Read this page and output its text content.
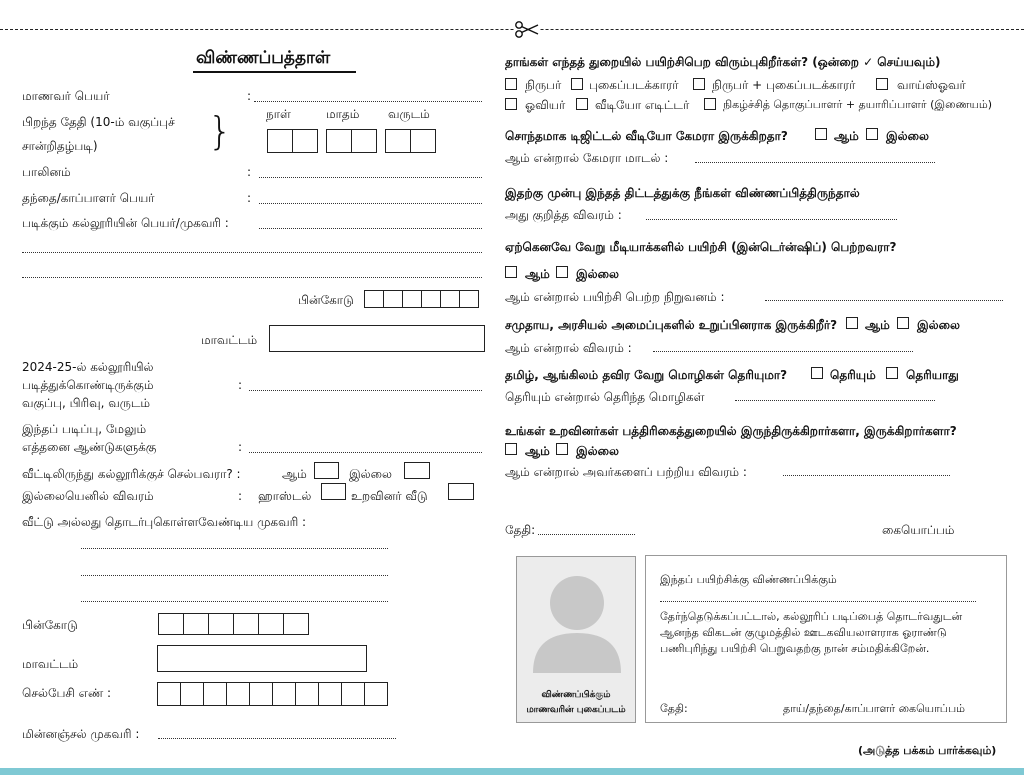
விண்ணப்பத்தாள்
மாணவர் பெயர்	:
பிறந்த தேதி (10-ம் வகுப்புச்
சான்றிதழ்படி)	}	நாள்	மாதம் வருடம்
பாலினம்	:
தந்தை/காப்பாளர் பெயர்	:
படிக்கும் கல்லூரியின் பெயர்/முகவரி :
பின்கோடு
மாவட்டம்
2024-25-ல் கல்லூரியில்
படித்துக்கொண்டிருக்கும்
வகுப்பு, பிரிவு, வருடம்
:
இந்தப் படிப்பு, மேலும்
எத்தனை ஆண்டுகளுக்கு	:
வீட்டிலிருந்து கல்லூரிக்குச் செல்பவரா? :	ஆம்	இல்லை
இல்லையெனில் விவரம்	: ஹாஸ்டல்	உறவினர் வீடு
வீட்டு அல்லது தொடர்புகொள்ளவேண்டிய முகவரி :
பின்கோடு
மாவட்டம்
செல்பேசி எண் :
மின்னஞ்சல் முகவரி :
தாங்கள் எந்தத் துறையில் பயிற்சிபெற விரும்புகிறீர்கள்? (ஒன்றை ✓ செய்யவும்)
நிருபர் புகைப்படக்காரர்	நிருபர் + புகைப்படக்காரர்	வாய்ஸ்ஓவர்
ஓவியர் வீடியோ எடிட்டர்	நிகழ்ச்சித் தொகுப்பாளர் + தயாரிப்பாளர் (இணையம்)
சொந்தமாக டிஜிட்டல் வீடியோ கேமரா இருக்கிறதா?	ஆம் இல்லை
ஆம் என்றால் கேமரா மாடல் :
இதற்கு முன்பு இந்தத் திட்டத்துக்கு நீங்கள் விண்ணப்பித்திருந்தால்
அது குறித்த விவரம் :
ஏற்கெனவே வேறு மீடியாக்களில் பயிற்சி (இன்டெர்ன்ஷிப்) பெற்றவரா?
ஆம் இல்லை
ஆம் என்றால் பயிற்சி பெற்ற நிறுவனம் :
சமுதாய, அரசியல் அமைப்புகளில் உறுப்பினராக இருக்கிறீர்? ஆம் இல்லை
ஆம் என்றால் விவரம் :
தமிழ், ஆங்கிலம் தவிர வேறு மொழிகள் தெரியுமா?	தெரியும்	தெரியாது
தெரியும் என்றால் தெரிந்த மொழிகள்
உங்கள் உறவினர்கள் பத்திரிகைத்துறையில் இருந்திருக்கிறார்களா, இருக்கிறார்களா?
ஆம் இல்லை
ஆம் என்றால் அவர்களைப் பற்றிய விவரம் :
தேதி:	கையொப்பம்
விண்ணப்பிக்கும்
மாணவரின் புகைப்படம்
இந்தப் பயிற்சிக்கு விண்ணப்பிக்கும்
தேர்ந்தெடுக்கப்பட்டால், கல்லூரிப் படிப்பைத் தொடர்வதுடன்
ஆனந்த விகடன் குழுமத்தில் ஊடகவியலாளராக ஓராண்டு
பணிபுரிந்து பயிற்சி பெறுவதற்கு நான் சம்மதிக்கிறேன்.
தேதி:	தாய்/தந்தை/காப்பாளர் கையொப்பம்
(அடுத்த பக்கம் பார்க்கவும்)
